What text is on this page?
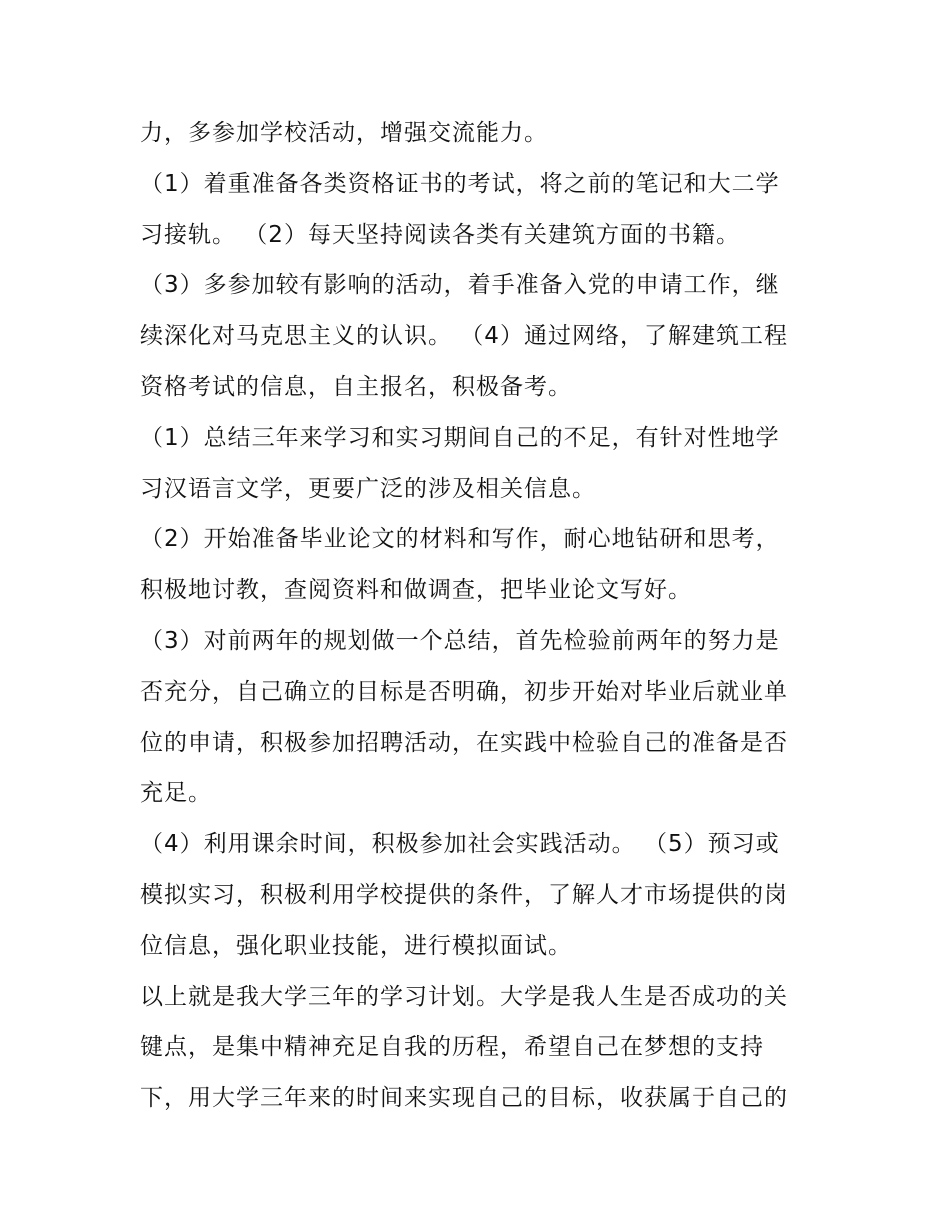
力，多参加学校活动，增强交流能力。
（1）着重准备各类资格证书的考试，将之前的笔记和大二学
习接轨。 （2）每天坚持阅读各类有关建筑方面的书籍。
（3）多参加较有影响的活动，着手准备入党的申请工作，继
续深化对马克思主义的认识。 （4）通过网络，了解建筑工程
资格考试的信息，自主报名，积极备考。
（1）总结三年来学习和实习期间自己的不足，有针对性地学
习汉语言文学，更要广泛的涉及相关信息。
（2）开始准备毕业论文的材料和写作，耐心地钻研和思考，
积极地讨教，查阅资料和做调查，把毕业论文写好。
（3）对前两年的规划做一个总结，首先检验前两年的努力是
否充分，自己确立的目标是否明确，初步开始对毕业后就业单
位的申请，积极参加招聘活动，在实践中检验自己的准备是否
充足。
（4）利用课余时间，积极参加社会实践活动。 （5）预习或
模拟实习，积极利用学校提供的条件，了解人才市场提供的岗
位信息，强化职业技能，进行模拟面试。
以上就是我大学三年的学习计划。大学是我人生是否成功的关
键点，是集中精神充足自我的历程，希望自己在梦想的支持
下，用大学三年来的时间来实现自己的目标，收获属于自己的
